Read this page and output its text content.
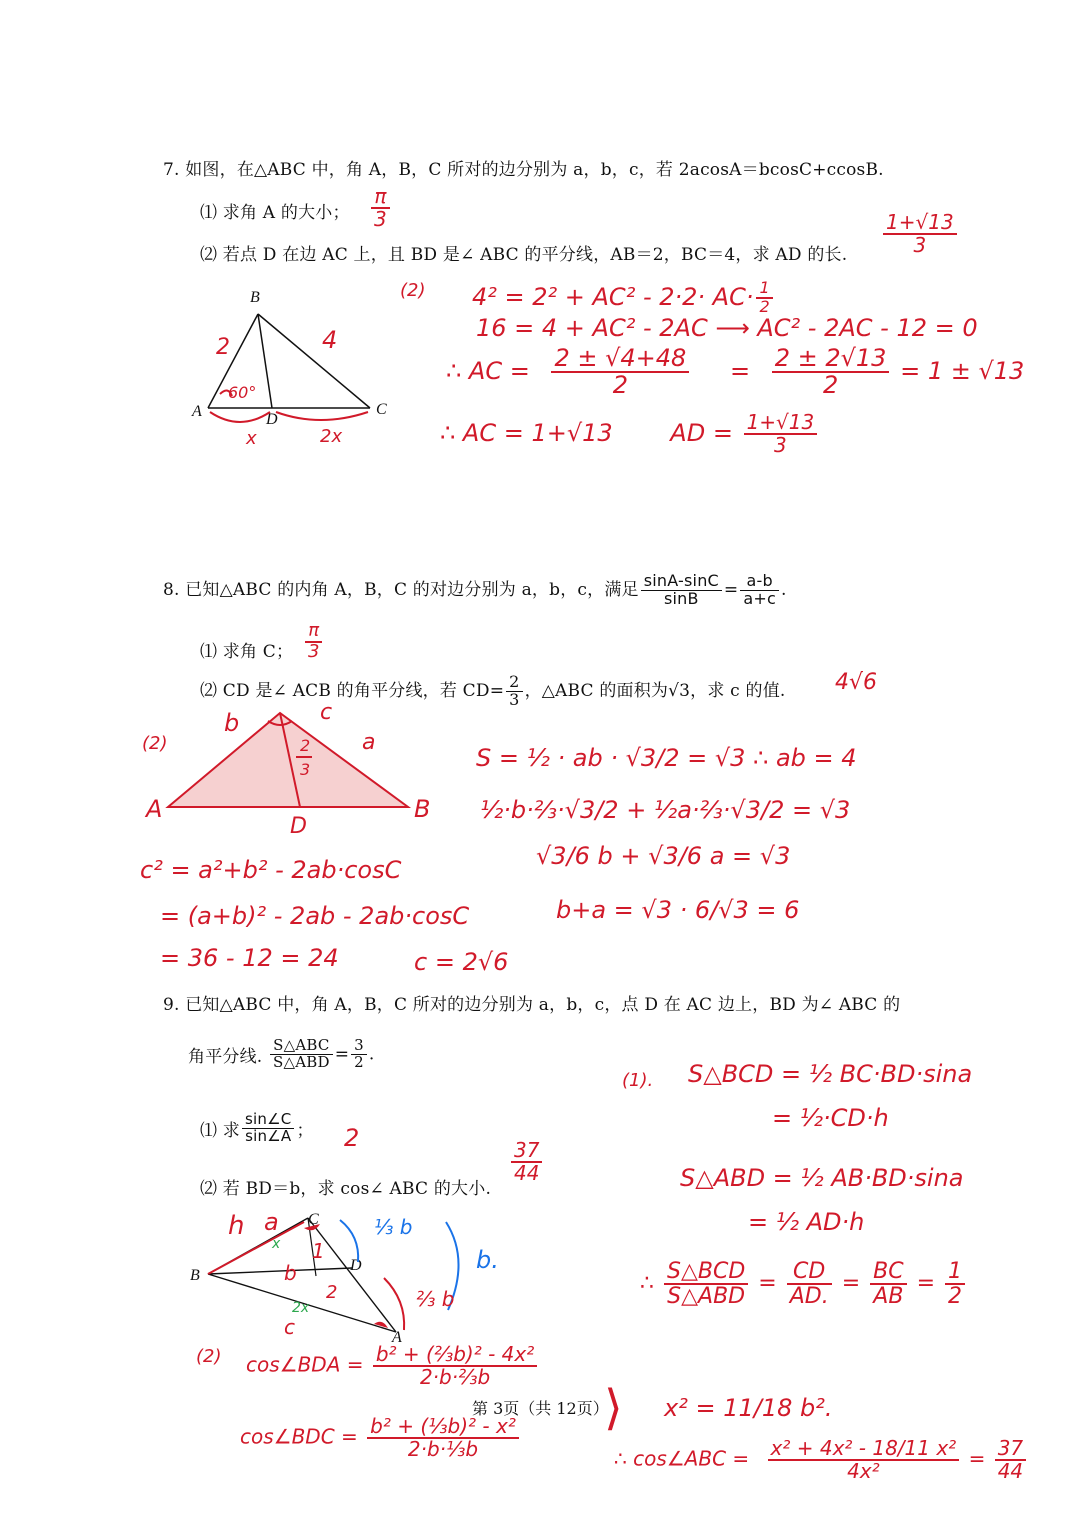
7. 如图，在△ABC 中，角 A，B，C 所对的边分别为 a，b，c，若 2acosA＝bcosC+ccosB.
⑴ 求角 A 的大小；
⑵ 若点 D 在边 AC 上，且 BD 是∠ ABC 的平分线，AB＝2，BC＝4，求 AD 的长.
$\frac{\pi}{3}$
$\frac{1+√13}{3}$
B
A	C
D
2	4
60°
x	2x
(2) $4^2 = 2^2 + AC^2 - 2\cdot 2\cdot AC\cdot \frac{1}{2}$
16 = 4 + AC² - 2AC ⟶ AC² - 2AC - 12 = 0
∴ AC = $\frac{2 \pm √4+48}{2} = \frac{2 \pm 2√13}{2} = 1 \pm √13$
∴ AC = 1+√13 AD = $\frac{1+√13}{3}$
8. 已知△ABC 的内角 A，B，C 的对边分别为 a，b，c，满足 $\frac{\sin A-\sin C}{\sin B} = \frac{a-b}{a+c}$ .
⑴ 求角 C； $\frac{\pi}{3}$
⑵ CD 是∠ ACB 的角平分线，若 $CD= \frac{2}{3}$ ，△ABC 的面积为√3，求 c 的值. 4√6
(2)
A	B
D
b	c
a
2
3	S = ½ · ab · √3/2 = √3 ∴ ab = 4
½·b·⅔·√3/2 + ½a·⅔·√3/2 = √3
√3/6 b + √3/6 a = √3
b+a = √3 · 6/√3 = 6
c² = a²+b² - 2ab·cosC
= (a+b)² - 2ab - 2ab·cosC
= 36 - 12 = 24	c = 2√6
9. 已知△ABC 中，角 A，B，C 所对的边分别为 a，b，c，点 D 在 AC 边上，BD 为∠ ABC 的
角平分线. $\frac{\text{S△ABC}}{\text{S△ABD}} = \frac{3}{2}$ .
⑴ 求 $\frac{\sin\angle C}{\sin\angle A}$ ； 2
⑵ 若 BD＝b，求 cos∠ ABC 的大小.
$\frac{37}{44}$
B
C
D
A
h a
x 1
b
2
2x
c
⅓ b
b.
⅔ b
(1). S△BCD = ½ BC·BD·sina
= ½·CD·h
S△ABD = ½ AB·BD·sina
= ½ AD·h
∴ S△BCD
S△ABD
= $\frac{CD}{AD.} = \frac{BC}{AB} = \frac{1}{2}$
(2) cos∠BDA = $\frac{\text{b² + (⅔b)² - 4x²}}{\text{2·b·⅔b}}$
cos∠BDC = $\frac{\text{b² + (⅓b)² - x²}}{\text{2·b·⅓b}}$
⟩ x² = 11/18 b².
∴ cos∠ABC = $\frac{\text{x² + 4x² - 18/11 x²}}{\text{4x²}} = \frac{37}{44}$
第 3页（共 12页）
